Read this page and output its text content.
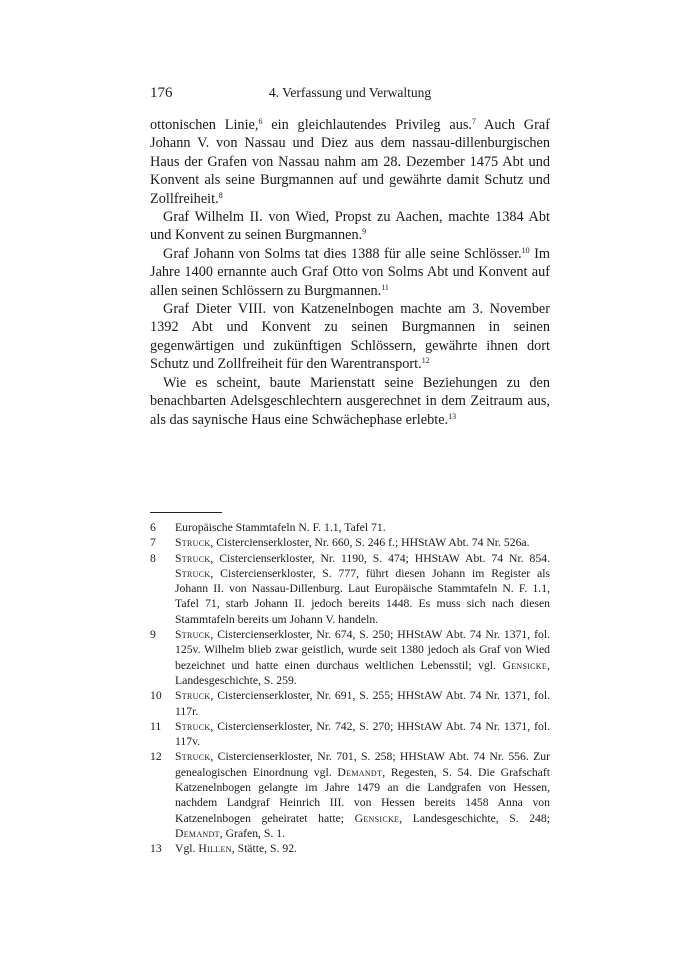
176	4. Verfassung und Verwaltung

ottonischen Linie,$^6$ ein gleichlautendes Privileg aus.$^7$ Auch Graf Johann V. von Nassau und Diez aus dem nassau-dillenburgischen Haus der Grafen von Nassau nahm am 28. Dezember 1475 Abt und Konvent als seine Burgmannen auf und gewährte damit Schutz und Zollfreiheit.$^8$

Graf Wilhelm II. von Wied, Propst zu Aachen, machte 1384 Abt und Konvent zu seinen Burgmannen.$^9$

Graf Johann von Solms tat dies 1388 für alle seine Schlösser.$^{10}$ Im Jahre 1400 ernannte auch Graf Otto von Solms Abt und Konvent auf allen seinen Schlössern zu Burgmannen.$^{11}$

Graf Dieter VIII. von Katzenelnbogen machte am 3. November 1392 Abt und Konvent zu seinen Burgmannen in seinen gegenwärtigen und zukünftigen Schlössern, gewährte ihnen dort Schutz und Zollfreiheit für den Warentransport.$^{12}$

Wie es scheint, baute Marienstatt seine Beziehungen zu den benachbarten Adelsgeschlechtern ausgerechnet in dem Zeitraum aus, als das saynische Haus eine Schwächephase erlebte.$^{13}$

6	Europäische Stammtafeln N. F. 1.1, Tafel 71.
7	Struck, Cistercienserkloster, Nr. 660, S. 246 f.; HHStAW Abt. 74 Nr. 526a.
8	Struck, Cistercienserkloster, Nr. 1190, S. 474; HHStAW Abt. 74 Nr. 854. Struck, Cistercienserkloster, S. 777, führt diesen Johann im Register als Johann II. von Nassau-Dillenburg. Laut Europäische Stammtafeln N. F. 1.1, Tafel 71, starb Johann II. jedoch bereits 1448. Es muss sich nach diesen Stammtafeln bereits um Johann V. handeln.
9	Struck, Cistercienserkloster, Nr. 674, S. 250; HHStAW Abt. 74 Nr. 1371, fol. 125v. Wilhelm blieb zwar geistlich, wurde seit 1380 jedoch als Graf von Wied bezeichnet und hatte einen durchaus weltlichen Lebensstil; vgl. Gensicke, Landesgeschichte, S. 259.
10	Struck, Cistercienserkloster, Nr. 691, S. 255; HHStAW Abt. 74 Nr. 1371, fol. 117r.
11	Struck, Cistercienserkloster, Nr. 742, S. 270; HHStAW Abt. 74 Nr. 1371, fol. 117v.
12	Struck, Cistercienserkloster, Nr. 701, S. 258; HHStAW Abt. 74 Nr. 556. Zur genealogischen Einordnung vgl. Demandt, Regesten, S. 54. Die Grafschaft Katzenelnbogen gelangte im Jahre 1479 an die Landgrafen von Hessen, nachdem Landgraf Heinrich III. von Hessen bereits 1458 Anna von Katzenelnbogen geheiratet hatte; Gensicke, Landesgeschichte, S. 248; Demandt, Grafen, S. 1.
13	Vgl. Hillen, Stätte, S. 92.
